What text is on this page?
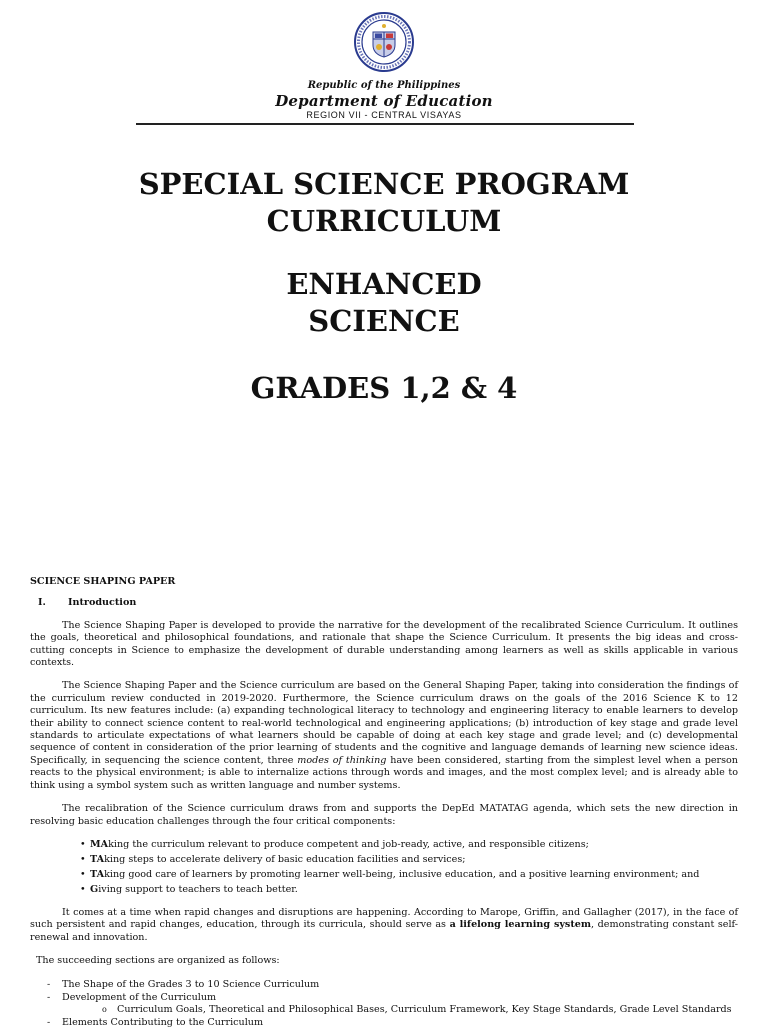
Republic of the Philippines
Department of Education
REGION VII - CENTRAL VISAYAS
SPECIAL SCIENCE PROGRAM
CURRICULUM
ENHANCED
SCIENCE
GRADES 1,2 & 4
SCIENCE SHAPING PAPER
I. Introduction

The Science Shaping Paper is developed to provide the narrative for the development of the recalibrated Science Curriculum. It outlines the goals, theoretical and philosophical foundations, and rationale that shape the Science Curriculum. It presents the big ideas and cross-cutting concepts in Science to emphasize the development of durable understanding among learners as well as skills applicable in various contexts.

The Science Shaping Paper and the Science curriculum are based on the General Shaping Paper, taking into consideration the findings of the curriculum review conducted in 2019-2020. Furthermore, the Science curriculum draws on the goals of the 2016 Science K to 12 curriculum. Its new features include: (a) expanding technological literacy to technology and engineering literacy to enable learners to develop their ability to connect science content to real-world technological and engineering applications; (b) introduction of key stage and grade level standards to articulate expectations of what learners should be capable of doing at each key stage and grade level; and (c) developmental sequence of content in consideration of the prior learning of students and the cognitive and language demands of learning new science ideas. Specifically, in sequencing the science content, three modes of thinking have been considered, starting from the simplest level when a person reacts to the physical environment; is able to internalize actions through words and images, and the most complex level; and is already able to think using a symbol system such as written language and number systems.

The recalibration of the Science curriculum draws from and supports the DepEd MATATAG agenda, which sets the new direction in resolving basic education challenges through the four critical components:

• MAking the curriculum relevant to produce competent and job-ready, active, and responsible citizens;
• TAking steps to accelerate delivery of basic education facilities and services;
• TAking good care of learners by promoting learner well-being, inclusive education, and a positive learning environment; and
• Giving support to teachers to teach better.

It comes at a time when rapid changes and disruptions are happening. According to Marope, Griffin, and Gallagher (2017), in the face of such persistent and rapid changes, education, through its curricula, should serve as a lifelong learning system, demonstrating constant self-renewal and innovation.

The succeeding sections are organized as follows:

- The Shape of the Grades 3 to 10 Science Curriculum
- Development of the Curriculum
o Curriculum Goals, Theoretical and Philosophical Bases, Curriculum Framework, Key Stage Standards, Grade Level Standards
- Elements Contributing to the Curriculum
